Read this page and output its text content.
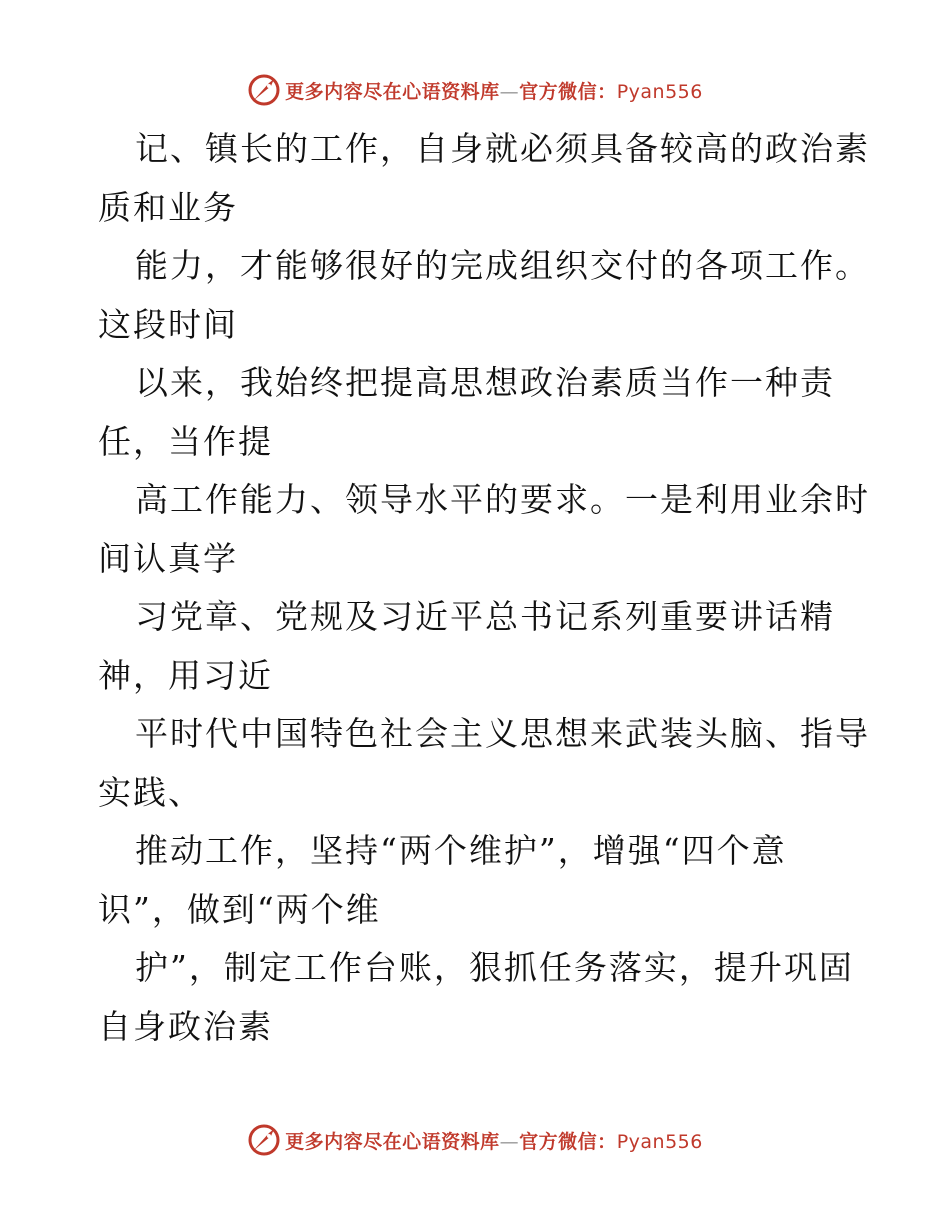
更多内容尽在心语资料库—官方微信：Pyan556
记、镇长的工作，自身就必须具备较高的政治素
质和业务
能力，才能够很好的完成组织交付的各项工作。
这段时间
以来，我始终把提高思想政治素质当作一种责
任，当作提
高工作能力、领导水平的要求。一是利用业余时
间认真学
习党章、党规及习近平总书记系列重要讲话精
神，用习近
平时代中国特色社会主义思想来武装头脑、指导
实践、
推动工作，坚持“两个维护”，增强“四个意
识”，做到“两个维
护”，制定工作台账，狠抓任务落实，提升巩固
自身政治素
更多内容尽在心语资料库—官方微信：Pyan556
